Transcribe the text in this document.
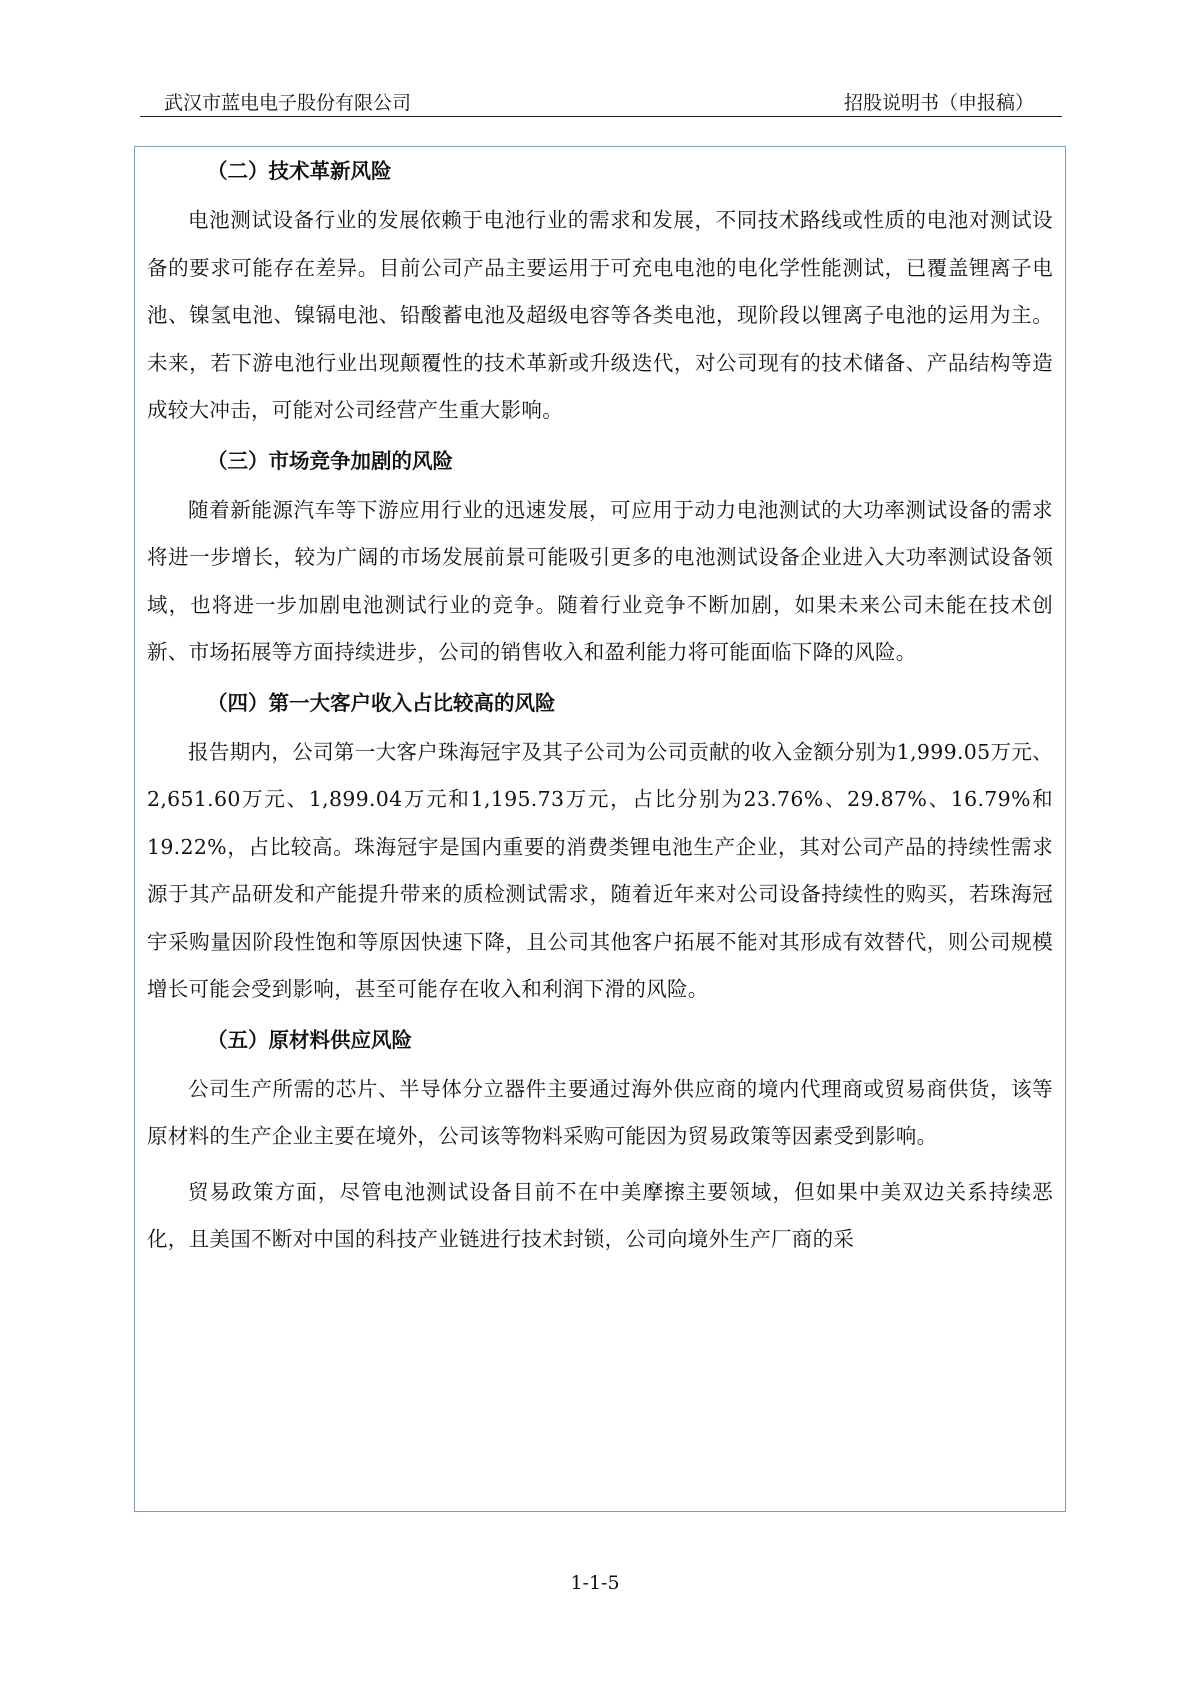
武汉市蓝电电子股份有限公司	招股说明书（申报稿）
（二）技术革新风险

电池测试设备行业的发展依赖于电池行业的需求和发展，不同技术路线或性质的电池对测试设备的要求可能存在差异。目前公司产品主要运用于可充电电池的电化学性能测试，已覆盖锂离子电池、镍氢电池、镍镉电池、铅酸蓄电池及超级电容等各类电池，现阶段以锂离子电池的运用为主。未来，若下游电池行业出现颠覆性的技术革新或升级迭代，对公司现有的技术储备、产品结构等造成较大冲击，可能对公司经营产生重大影响。

（三）市场竞争加剧的风险

随着新能源汽车等下游应用行业的迅速发展，可应用于动力电池测试的大功率测试设备的需求将进一步增长，较为广阔的市场发展前景可能吸引更多的电池测试设备企业进入大功率测试设备领域，也将进一步加剧电池测试行业的竞争。随着行业竞争不断加剧，如果未来公司未能在技术创新、市场拓展等方面持续进步，公司的销售收入和盈利能力将可能面临下降的风险。

（四）第一大客户收入占比较高的风险

报告期内，公司第一大客户珠海冠宇及其子公司为公司贡献的收入金额分别为1,999.05万元、2,651.60万元、1,899.04万元和1,195.73万元，占比分别为23.76%、29.87%、16.79%和 19.22%，占比较高。珠海冠宇是国内重要的消费类锂电池生产企业，其对公司产品的持续性需求源于其产品研发和产能提升带来的质检测试需求，随着近年来对公司设备持续性的购买，若珠海冠宇采购量因阶段性饱和等原因快速下降，且公司其他客户拓展不能对其形成有效替代，则公司规模增长可能会受到影响，甚至可能存在收入和利润下滑的风险。

（五）原材料供应风险

公司生产所需的芯片、半导体分立器件主要通过海外供应商的境内代理商或贸易商供货，该等原材料的生产企业主要在境外，公司该等物料采购可能因为贸易政策等因素受到影响。

贸易政策方面，尽管电池测试设备目前不在中美摩擦主要领域，但如果中美双边关系持续恶化，且美国不断对中国的科技产业链进行技术封锁，公司向境外生产厂商的采

1-1-5
